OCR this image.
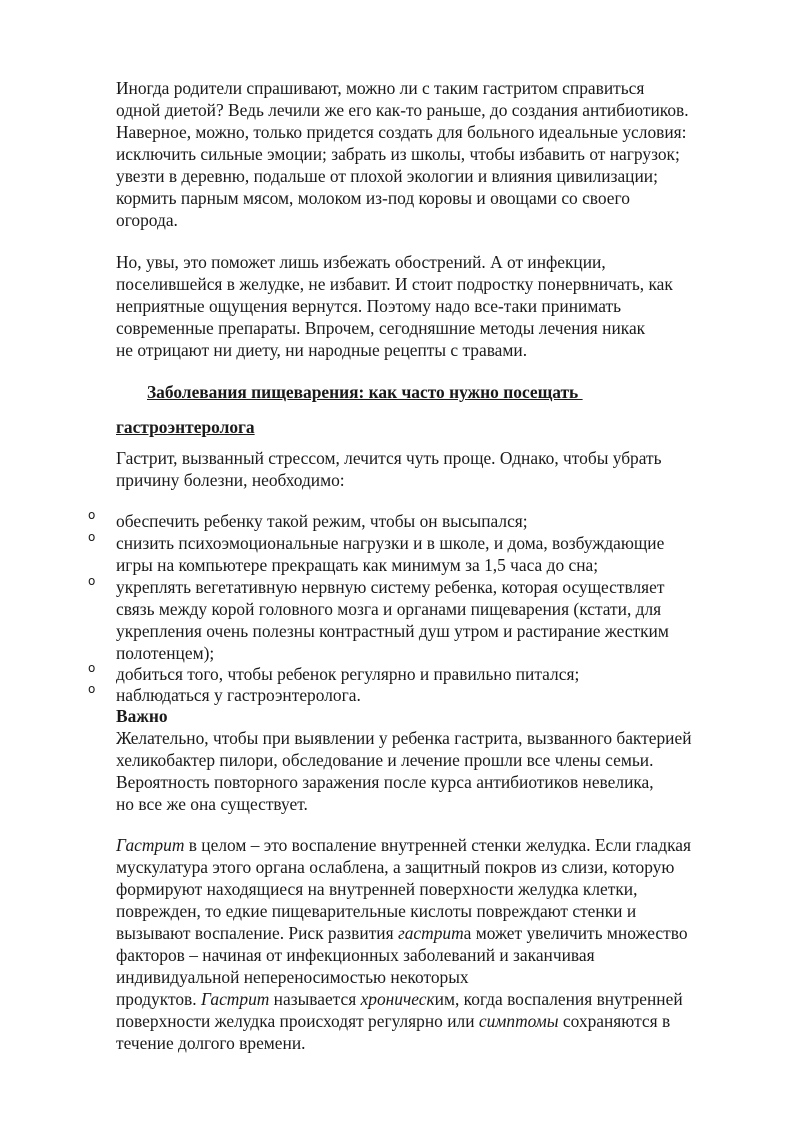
Иногда родители спрашивают, можно ли с таким гастритом справиться
одной диетой? Ведь лечили же его как-то раньше, до создания антибиотиков.
Наверное, можно, только придется создать для больного идеальные условия:
исключить сильные эмоции; забрать из школы, чтобы избавить от нагрузок;
увезти в деревню, подальше от плохой экологии и влияния цивилизации;
кормить парным мясом, молоком из-под коровы и овощами со своего
огорода.
Но, увы, это поможет лишь избежать обострений. А от инфекции,
поселившейся в желудке, не избавит. И стоит подростку понервничать, как
неприятные ощущения вернутся. Поэтому надо все-таки принимать
современные препараты. Впрочем, сегодняшние методы лечения никак
не отрицают ни диету, ни народные рецепты с травами.
Заболевания пищеварения: как часто нужно посещать
гастроэнтеролога
Гастрит, вызванный стрессом, лечится чуть проще. Однако, чтобы убрать
причину болезни, необходимо:
o обеспечить ребенку такой режим, чтобы он высыпался;
o снизить психоэмоциональные нагрузки и в школе, и дома, возбуждающие
игры на компьютере прекращать как минимум за 1,5 часа до сна;
o укреплять вегетативную нервную систему ребенка, которая осуществляет
связь между корой головного мозга и органами пищеварения (кстати, для
укрепления очень полезны контрастный душ утром и растирание жестким
полотенцем);
o добиться того, чтобы ребенок регулярно и правильно питался;
o наблюдаться у гастроэнтеролога.
Важно
Желательно, чтобы при выявлении у ребенка гастрита, вызванного бактерией
хеликобактер пилори, обследование и лечение прошли все члены семьи.
Вероятность повторного заражения после курса антибиотиков невелика,
но все же она существует.
Гастрит в целом – это воспаление внутренней стенки желудка. Если гладкая
мускулатура этого органа ослаблена, а защитный покров из слизи, которую
формируют находящиеся на внутренней поверхности желудка клетки,
поврежден, то едкие пищеварительные кислоты повреждают стенки и
вызывают воспаление. Риск развития гастрита может увеличить множество
факторов – начиная от инфекционных заболеваний и заканчивая
индивидуальной непереносимостью некоторых
продуктов. Гастрит называется хроническим, когда воспаления внутренней
поверхности желудка происходят регулярно или симптомы сохраняются в
течение долгого времени.
